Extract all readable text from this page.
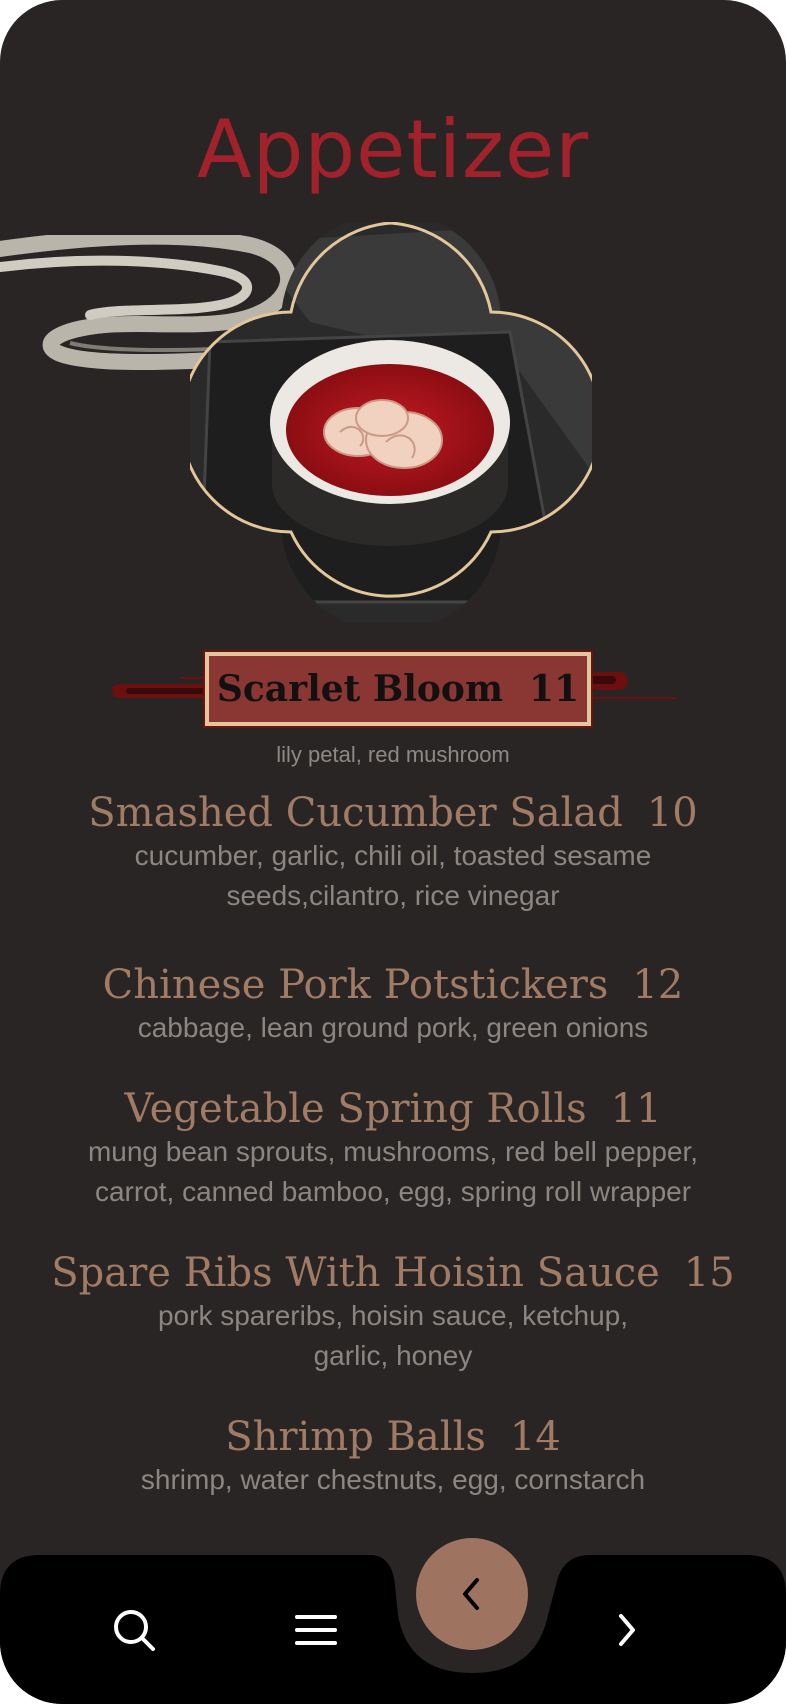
Appetizer
Scarlet Bloom 11
lily petal, red mushroom
Smashed Cucumber Salad 10
cucumber, garlic, chili oil, toasted sesame
seeds,cilantro, rice vinegar
Chinese Pork Potstickers 12
cabbage, lean ground pork, green onions
Vegetable Spring Rolls 11
mung bean sprouts, mushrooms, red bell pepper,
carrot, canned bamboo, egg, spring roll wrapper
Spare Ribs With Hoisin Sauce 15
pork spareribs, hoisin sauce, ketchup,
garlic, honey
Shrimp Balls 14
shrimp, water chestnuts, egg, cornstarch
